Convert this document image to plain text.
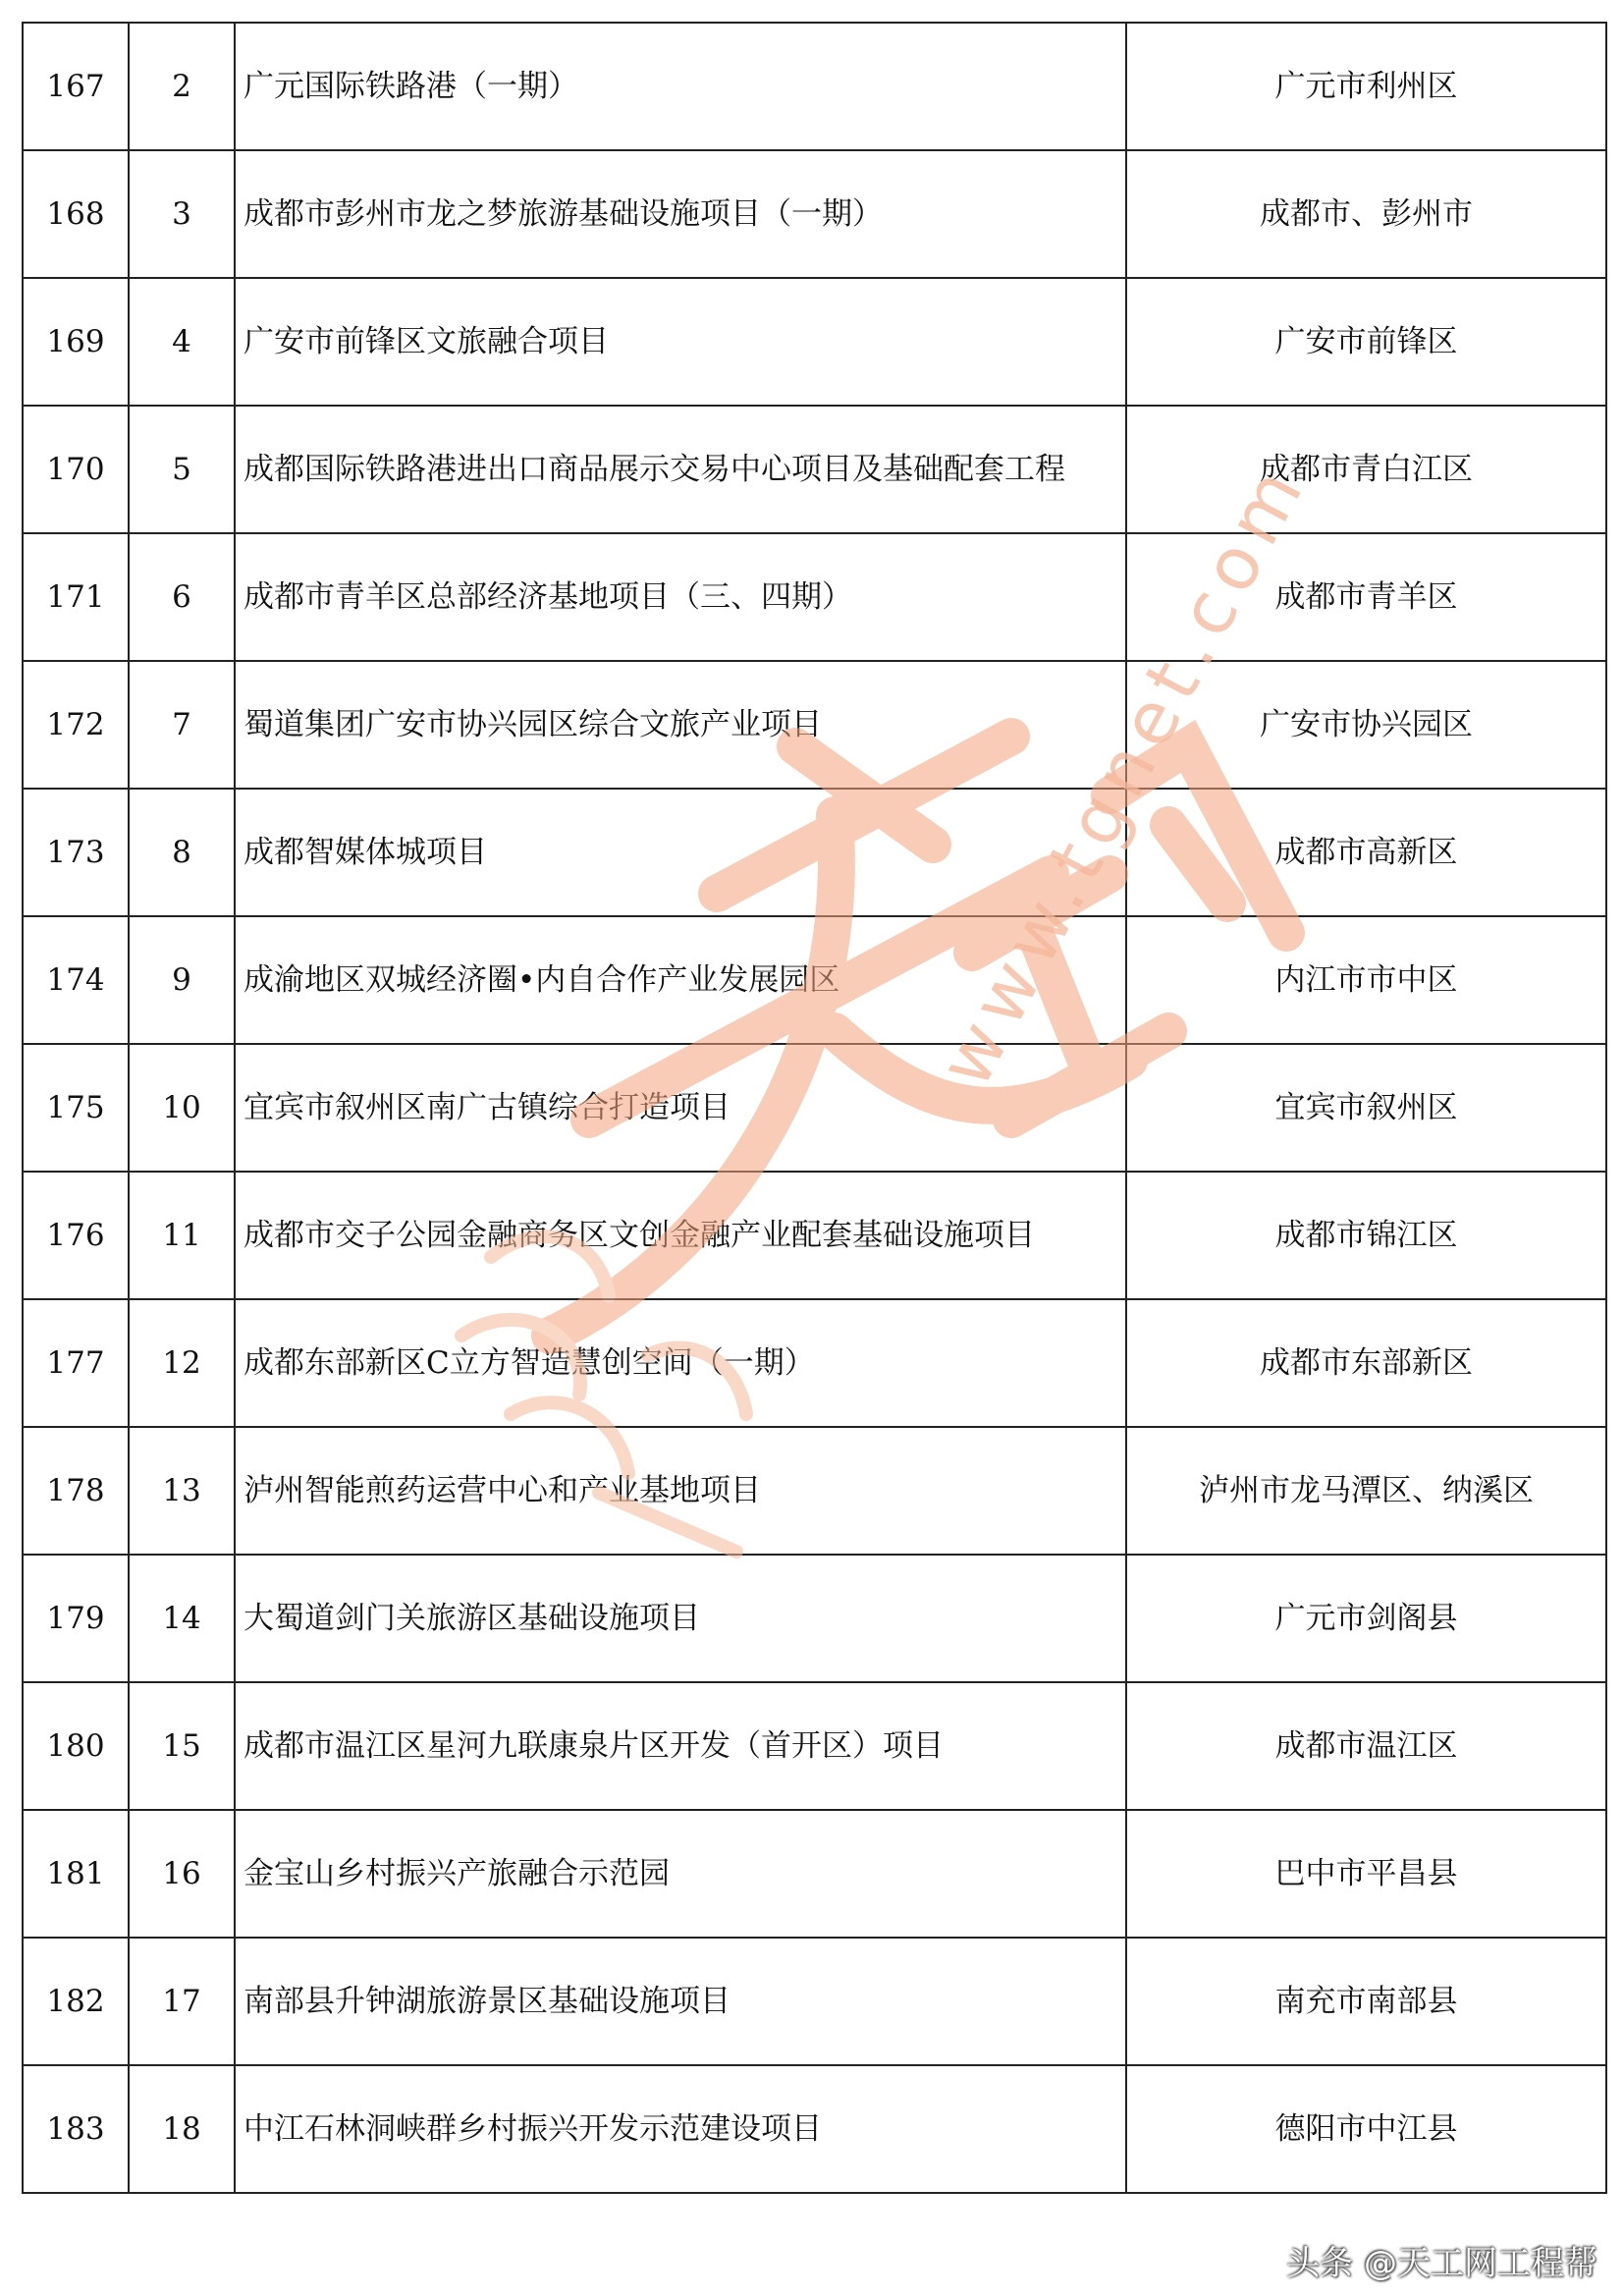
167	2	广元国际铁路港（一期）	广元市利州区
168	3	成都市彭州市龙之梦旅游基础设施项目（一期）	成都市、彭州市
169	4	广安市前锋区文旅融合项目	广安市前锋区
170	5	成都国际铁路港进出口商品展示交易中心项目及基础配套工程	成都市青白江区
171	6	成都市青羊区总部经济基地项目（三、四期）	成都市青羊区
172	7	蜀道集团广安市协兴园区综合文旅产业项目	广安市协兴园区
173	8	成都智媒体城项目	成都市高新区
174	9	成渝地区双城经济圈•内自合作产业发展园区	内江市市中区
175	10	宜宾市叙州区南广古镇综合打造项目	宜宾市叙州区
176	11	成都市交子公园金融商务区文创金融产业配套基础设施项目	成都市锦江区
177	12	成都东部新区C立方智造慧创空间（一期）	成都市东部新区
178	13	泸州智能煎药运营中心和产业基地项目	泸州市龙马潭区、纳溪区
179	14	大蜀道剑门关旅游区基础设施项目	广元市剑阁县
180	15	成都市温江区星河九联康泉片区开发（首开区）项目	成都市温江区
181	16	金宝山乡村振兴产旅融合示范园	巴中市平昌县
182	17	南部县升钟湖旅游景区基础设施项目	南充市南部县
183	18	中江石林洞峡群乡村振兴开发示范建设项目	德阳市中江县
www.tgnet.com
头条 @天工网工程帮
